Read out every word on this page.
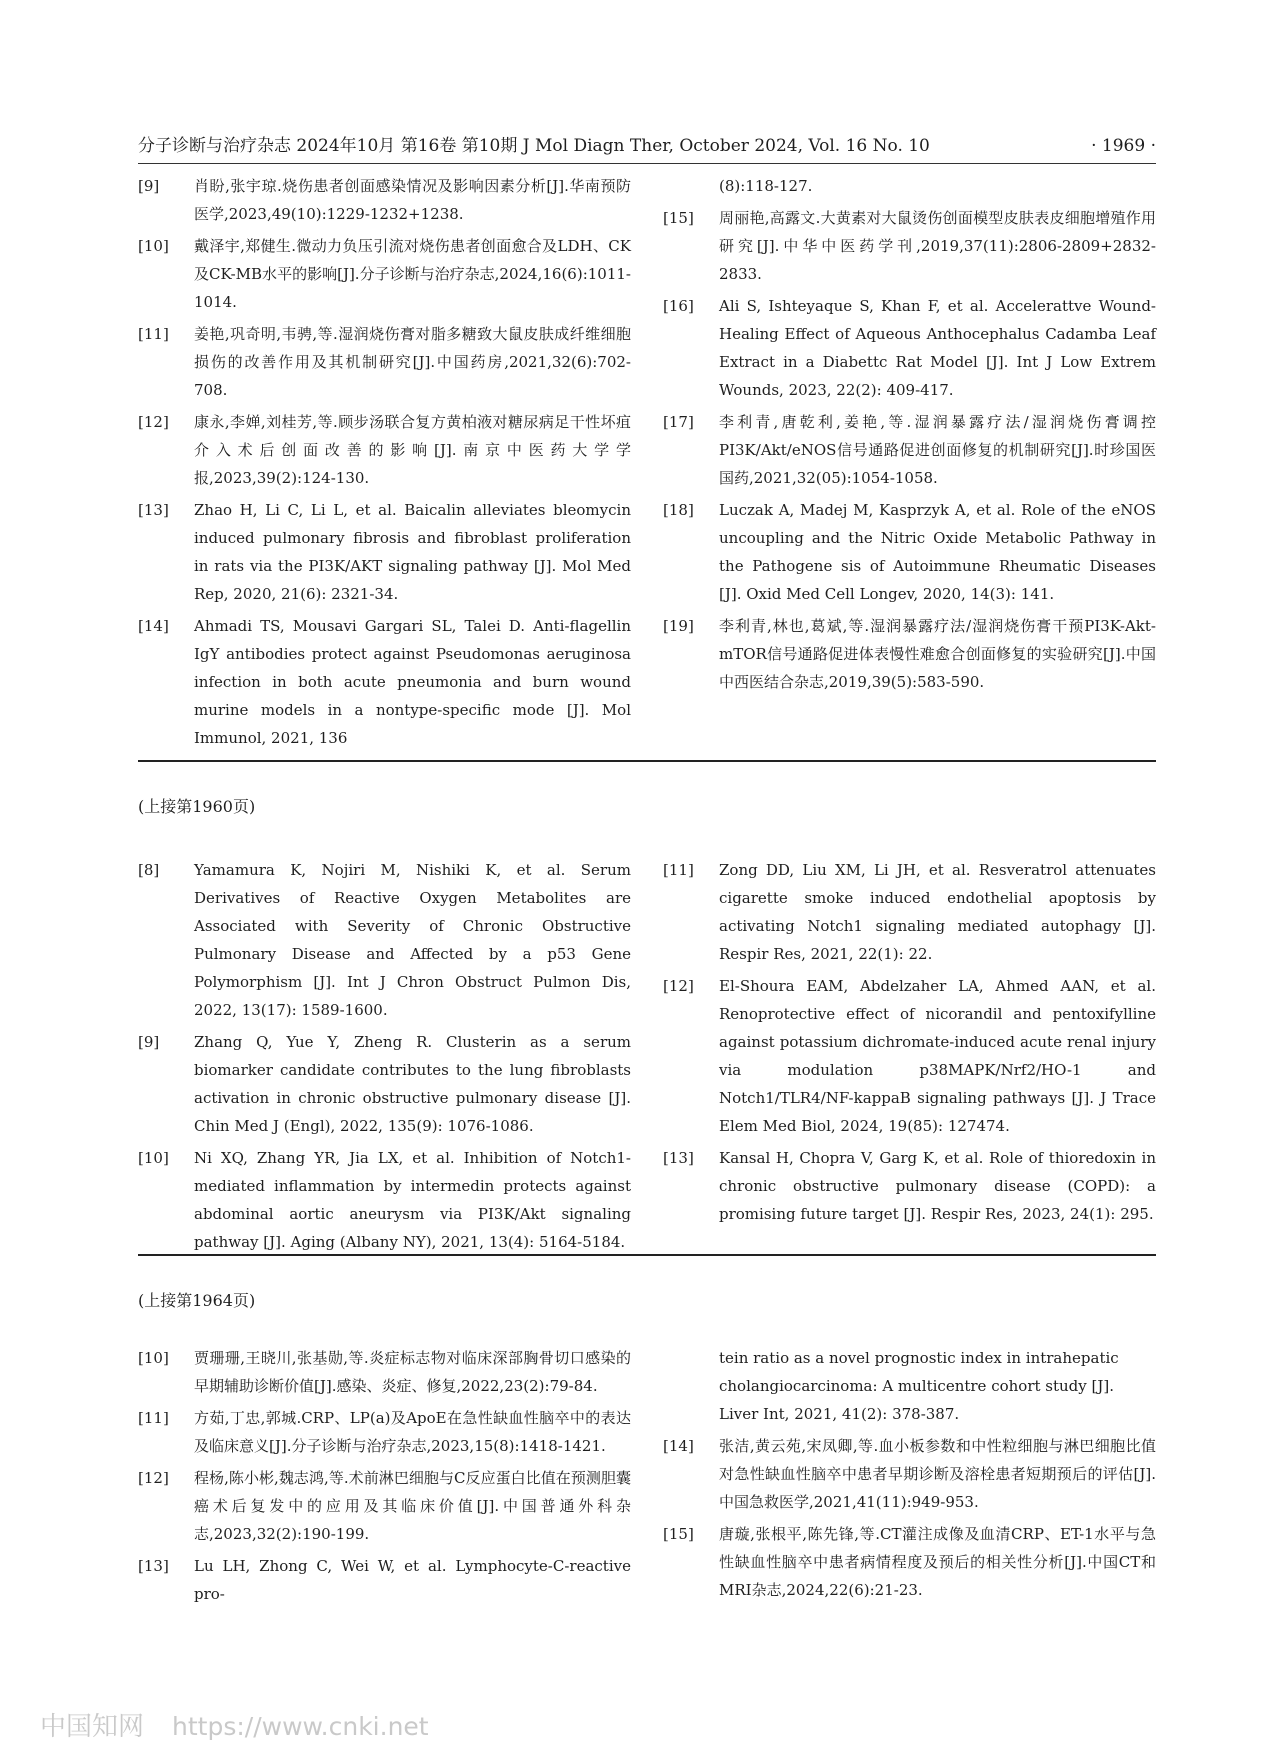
分子诊断与治疗杂志 2024年10月 第16卷 第10期 J Mol Diagn Ther, October 2024, Vol. 16 No. 10	· 1969 ·
[9] 肖盼,张宇琼.烧伤患者创面感染情况及影响因素分析[J].华南预防医学,2023,49(10):1229-1232+1238.
[10] 戴泽宇,郑健生.微动力负压引流对烧伤患者创面愈合及LDH、CK及CK-MB水平的影响[J].分子诊断与治疗杂志,2024,16(6):1011-1014.
[11] 姜艳,巩奇明,韦骋,等.湿润烧伤膏对脂多糖致大鼠皮肤成纤维细胞损伤的改善作用及其机制研究[J].中国药房,2021,32(6):702-708.
[12] 康永,李婵,刘桂芳,等.顾步汤联合复方黄柏液对糖尿病足干性坏疽介入术后创面改善的影响[J].南京中医药大学学报,2023,39(2):124-130.
[13] Zhao H, Li C, Li L, et al. Baicalin alleviates bleomycin induced pulmonary fibrosis and fibroblast proliferation in rats via the PI3K/AKT signaling pathway [J]. Mol Med Rep, 2020, 21(6): 2321-34.
[14] Ahmadi TS, Mousavi Gargari SL, Talei D. Anti-flagellin IgY antibodies protect against Pseudomonas aeruginosa infection in both acute pneumonia and burn wound murine models in a nontype-specific mode [J]. Mol Immunol, 2021, 136
(8):118-127.
[15] 周丽艳,高露文.大黄素对大鼠烫伤创面模型皮肤表皮细胞增殖作用研究[J].中华中医药学刊,2019,37(11):2806-2809+2832-2833.
[16] Ali S, Ishteyaque S, Khan F, et al. Accelerattve Wound-Healing Effect of Aqueous Anthocephalus Cadamba Leaf Extract in a Diabettc Rat Model [J]. Int J Low Extrem Wounds, 2023, 22(2): 409-417.
[17] 李利青,唐乾利,姜艳,等.湿润暴露疗法/湿润烧伤膏调控PI3K/Akt/eNOS信号通路促进创面修复的机制研究[J].时珍国医国药,2021,32(05):1054-1058.
[18] Luczak A, Madej M, Kasprzyk A, et al. Role of the eNOS uncoupling and the Nitric Oxide Metabolic Pathway in the Pathogene sis of Autoimmune Rheumatic Diseases [J]. Oxid Med Cell Longev, 2020, 14(3): 141.
[19] 李利青,林也,葛斌,等.湿润暴露疗法/湿润烧伤膏干预PI3K-Akt-mTOR信号通路促进体表慢性难愈合创面修复的实验研究[J].中国中西医结合杂志,2019,39(5):583-590.
(上接第1960页)
[8] Yamamura K, Nojiri M, Nishiki K, et al. Serum Derivatives of Reactive Oxygen Metabolites are Associated with Severity of Chronic Obstructive Pulmonary Disease and Affected by a p53 Gene Polymorphism [J]. Int J Chron Obstruct Pulmon Dis, 2022, 13(17): 1589-1600.
[9] Zhang Q, Yue Y, Zheng R. Clusterin as a serum biomarker candidate contributes to the lung fibroblasts activation in chronic obstructive pulmonary disease [J]. Chin Med J (Engl), 2022, 135(9): 1076-1086.
[10] Ni XQ, Zhang YR, Jia LX, et al. Inhibition of Notch1-mediated inflammation by intermedin protects against abdominal aortic aneurysm via PI3K/Akt signaling pathway [J]. Aging (Albany NY), 2021, 13(4): 5164-5184.
[11] Zong DD, Liu XM, Li JH, et al. Resveratrol attenuates cigarette smoke induced endothelial apoptosis by activating Notch1 signaling mediated autophagy [J]. Respir Res, 2021, 22(1): 22.
[12] El-Shoura EAM, Abdelzaher LA, Ahmed AAN, et al. Renoprotective effect of nicorandil and pentoxifylline against potassium dichromate-induced acute renal injury via modulation p38MAPK/Nrf2/HO-1 and Notch1/TLR4/NF-kappaB signaling pathways [J]. J Trace Elem Med Biol, 2024, 19(85): 127474.
[13] Kansal H, Chopra V, Garg K, et al. Role of thioredoxin in chronic obstructive pulmonary disease (COPD): a promising future target [J]. Respir Res, 2023, 24(1): 295.
(上接第1964页)
[10] 贾珊珊,王晓川,张基勋,等.炎症标志物对临床深部胸骨切口感染的早期辅助诊断价值[J].感染、炎症、修复,2022,23(2):79-84.
[11] 方茹,丁忠,郭城.CRP、LP(a)及ApoE在急性缺血性脑卒中的表达及临床意义[J].分子诊断与治疗杂志,2023,15(8):1418-1421.
[12] 程杨,陈小彬,魏志鸿,等.术前淋巴细胞与C反应蛋白比值在预测胆囊癌术后复发中的应用及其临床价值[J].中国普通外科杂志,2023,32(2):190-199.
[13] Lu LH, Zhong C, Wei W, et al. Lymphocyte-C-reactive pro-
tein ratio as a novel prognostic index in intrahepatic cholangiocarcinoma: A multicentre cohort study [J]. Liver Int, 2021, 41(2): 378-387.
[14] 张洁,黄云苑,宋凤卿,等.血小板参数和中性粒细胞与淋巴细胞比值对急性缺血性脑卒中患者早期诊断及溶栓患者短期预后的评估[J].中国急救医学,2021,41(11):949-953.
[15] 唐璇,张根平,陈先锋,等.CT灌注成像及血清CRP、ET-1水平与急性缺血性脑卒中患者病情程度及预后的相关性分析[J].中国CT和MRI杂志,2024,22(6):21-23.
中国知网 https://www.cnki.net
